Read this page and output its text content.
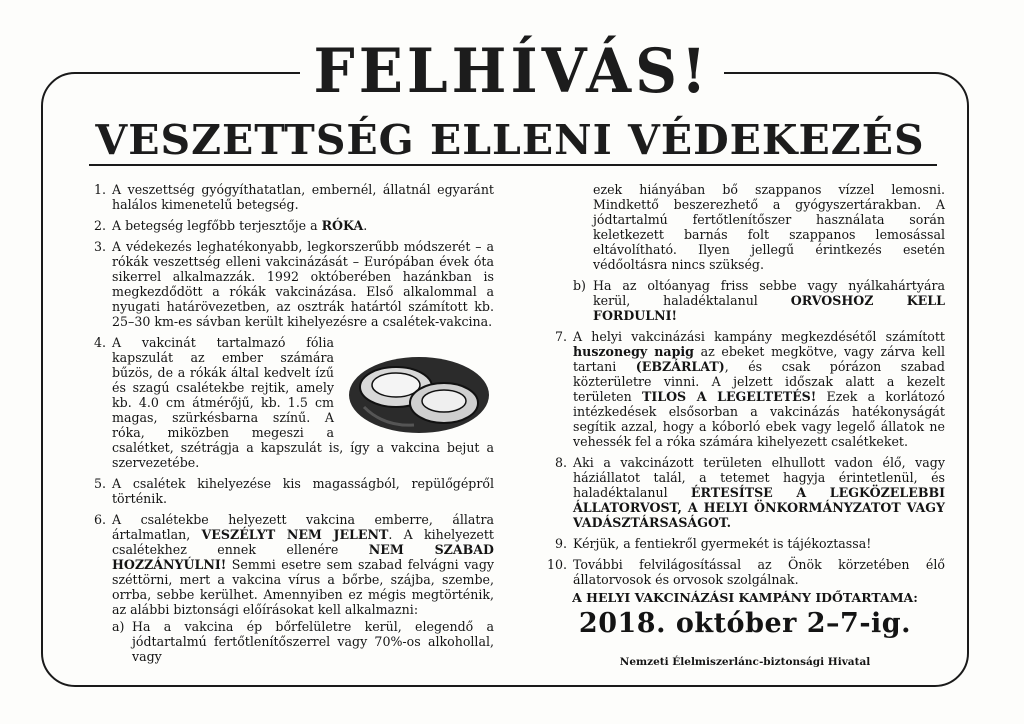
FELHÍVÁS!
VESZETTSÉG ELLENI VÉDEKEZÉS
1. A veszettség gyógyíthatatlan, embernél, állatnál egyaránt halálos kimenetelű betegség.
2. A betegség legfőbb terjesztője a RÓKA.
3. A védekezés leghatékonyabb, legkorszerűbb módszerét – a rókák veszettség elleni vakcinázását – Európában évek óta sikerrel alkalmazzák. 1992 októberében hazánkban is megkezdődött a rókák vakcinázása. Első alkalommal a nyugati határövezetben, az osztrák határtól számított kb. 25–30 km-es sávban került kihelyezésre a csalétek-vakcina.
4. A vakcinát tartalmazó fólia kapszulát az ember számára bűzös, de a rókák által kedvelt ízű és szagú csalétekbe rejtik, amely kb. 4.0 cm átmérőjű, kb. 1.5 cm magas, szürkésbarna színű. A róka, miközben megeszi a csalétket, szétrágja a kapszulát is, így a vakcina bejut a szervezetébe.
5. A csalétek kihelyezése kis magasságból, repülőgépről történik.
6. A csalétekbe helyezett vakcina emberre, állatra ártalmatlan, VESZÉLYT NEM JELENT. A kihelyezett csalétekhez ennek ellenére NEM SZABAD HOZZÁNYÚLNI! Semmi esetre sem szabad felvágni vagy széttörni, mert a vakcina vírus a bőrbe, szájba, szembe, orrba, sebbe kerülhet. Amennyiben ez mégis megtörténik, az alábbi biztonsági előírásokat kell alkalmazni:
a) Ha a vakcina ép bőrfelületre kerül, elegendő a jódtartalmú fertőtlenítőszerrel vagy 70%-os alkohollal, vagy
ezek hiányában bő szappanos vízzel lemosni. Mindkettő beszerezhető a gyógyszertárakban. A jódtartalmú fertőtlenítőszer használata során keletkezett barnás folt szappanos lemosással eltávolítható. Ilyen jellegű érintkezés esetén védőoltásra nincs szükség.
b) Ha az oltóanyag friss sebbe vagy nyálkahártyára kerül, haladéktalanul ORVOSHOZ KELL FORDULNI!
7. A helyi vakcinázási kampány megkezdésétől számított huszonegy napig az ebeket megkötve, vagy zárva kell tartani (EBZÁRLAT), és csak pórázon szabad közterületre vinni. A jelzett időszak alatt a kezelt területen TILOS A LEGELTETÉS! Ezek a korlátozó intézkedések elsősorban a vakcinázás hatékonyságát segítik azzal, hogy a kóborló ebek vagy legelő állatok ne vehessék fel a róka számára kihelyezett csalétkeket.
8. Aki a vakcinázott területen elhullott vadon élő, vagy háziállatot talál, a tetemet hagyja érintetlenül, és haladéktalanul ÉRTESÍTSE A LEGKÖZELEBBI ÁLLATORVOST, A HELYI ÖNKORMÁNYZATOT VAGY VADÁSZTÁRSASÁGOT.
9. Kérjük, a fentiekről gyermekét is tájékoztassa!
10. További felvilágosítással az Önök körzetében élő állatorvosok és orvosok szolgálnak.
A HELYI VAKCINÁZÁSI KAMPÁNY IDŐTARTAMA:
2018. október 2–7-ig.
Nemzeti Élelmiszerlánc-biztonsági Hivatal
